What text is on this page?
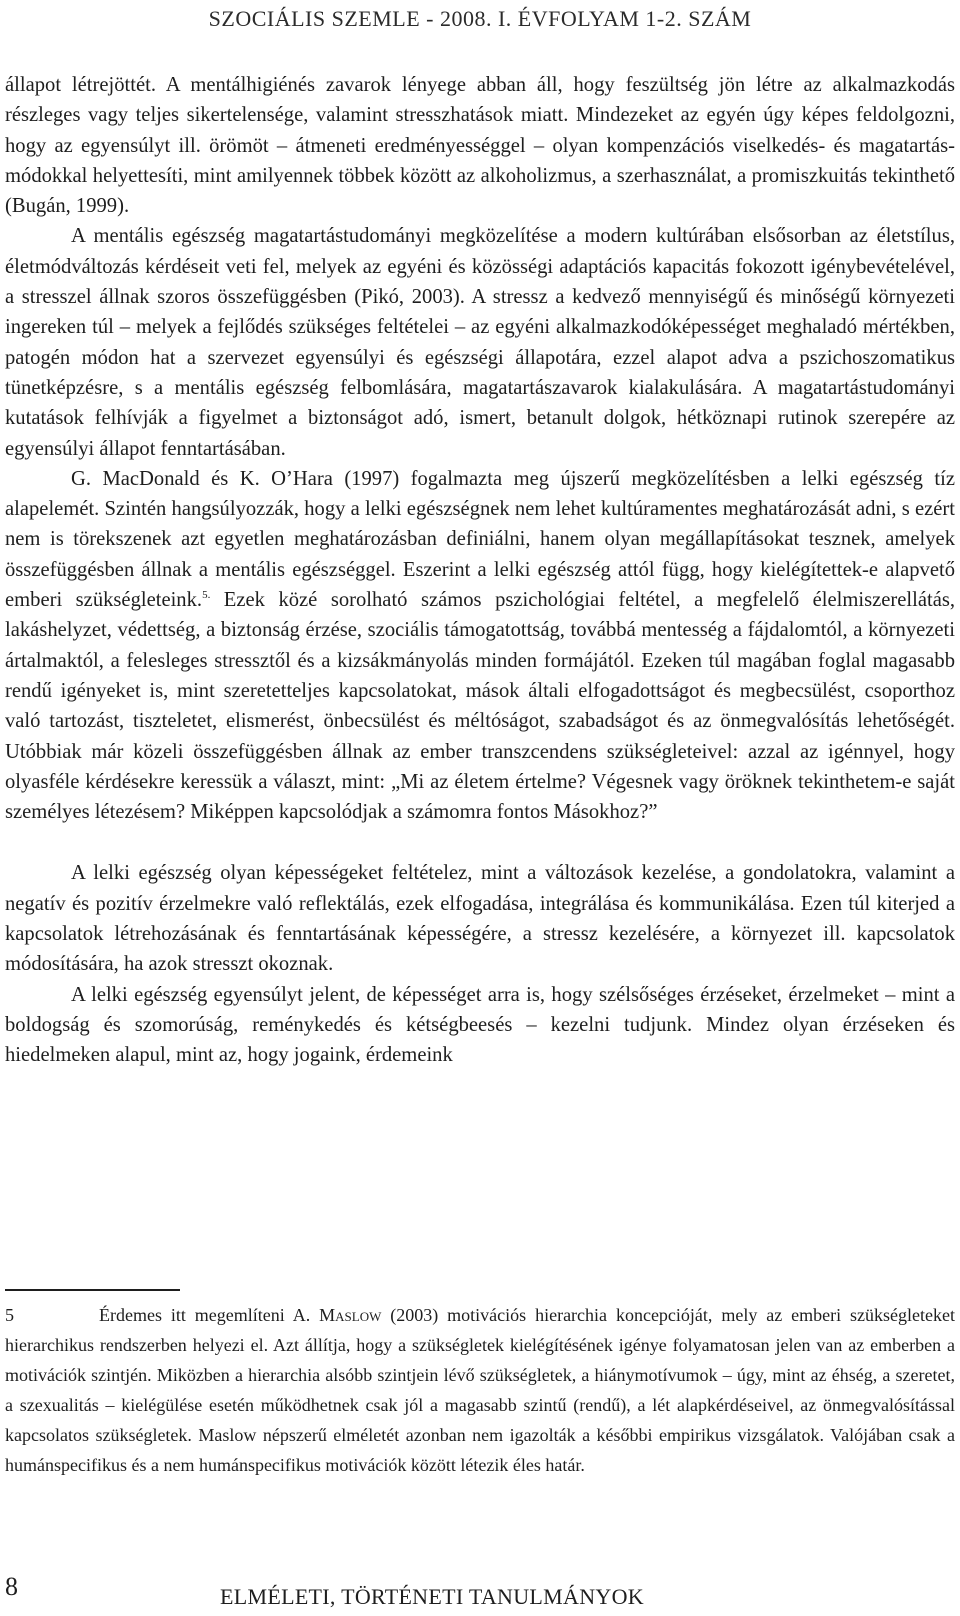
SZOCIÁLIS SZEMLE - 2008. I. ÉVFOLYAM 1-2. SZÁM

állapot létrejöttét. A mentálhigiénés zavarok lényege abban áll, hogy feszültség jön létre az alkalmazkodás részleges vagy teljes sikertelensége, valamint stresszhatások miatt. Mindezeket az egyén úgy képes feldolgozni, hogy az egyensúlyt ill. örömöt – átmeneti eredményességgel – olyan kompenzációs viselkedés- és magatartás-módokkal helyettesíti, mint amilyennek többek között az alkoholizmus, a szerhasználat, a promiszkuitás tekinthető (Bugán, 1999).

A mentális egészség magatartástudományi megközelítése a modern kultúrában elsősorban az életstílus, életmódváltozás kérdéseit veti fel, melyek az egyéni és közösségi adaptációs kapacitás fokozott igénybevételével, a stresszel állnak szoros összefüggésben (Pikó, 2003). A stressz a kedvező mennyiségű és minőségű környezeti ingereken túl – melyek a fejlődés szükséges feltételei – az egyéni alkalmazkodóképességet meghaladó mértékben, patogén módon hat a szervezet egyensúlyi és egészségi állapotára, ezzel alapot adva a pszichoszomatikus tünetképzésre, s a mentális egészség felbomlására, magatartászavarok kialakulására. A magatartástudományi kutatások felhívják a figyelmet a biztonságot adó, ismert, betanult dolgok, hétköznapi rutinok szerepére az egyensúlyi állapot fenntartásában.

G. MacDonald és K. O’Hara (1997) fogalmazta meg újszerű megközelítésben a lelki egészség tíz alapelemét. Szintén hangsúlyozzák, hogy a lelki egészségnek nem lehet kultúramentes meghatározását adni, s ezért nem is törekszenek azt egyetlen meghatározásban definiálni, hanem olyan megállapításokat tesznek, amelyek összefüggésben állnak a mentális egészséggel. Eszerint a lelki egészség attól függ, hogy kielégítettek-e alapvető emberi szükségleteink.$^{5.}$ Ezek közé sorolható számos pszichológiai feltétel, a megfelelő élelmiszerellátás, lakáshelyzet, védettség, a biztonság érzése, szociális támogatottság, továbbá mentesség a fájdalomtól, a környezeti ártalmaktól, a felesleges stressztől és a kizsákmányolás minden formájától. Ezeken túl magában foglal magasabb rendű igényeket is, mint szeretetteljes kapcsolatokat, mások általi elfogadottságot és megbecsülést, csoporthoz való tartozást, tiszteletet, elismerést, önbecsülést és méltóságot, szabadságot és az önmegvalósítás lehetőségét. Utóbbiak már közeli összefüggésben állnak az ember transzcendens szükségleteivel: azzal az igénnyel, hogy olyasféle kérdésekre keressük a választ, mint: „Mi az életem értelme? Végesnek vagy öröknek tekinthetem-e saját személyes létezésem? Miképpen kapcsolódjak a számomra fontos Másokhoz?”

A lelki egészség olyan képességeket feltételez, mint a változások kezelése, a gondolatokra, valamint a negatív és pozitív érzelmekre való reflektálás, ezek elfogadása, integrálása és kommunikálása. Ezen túl kiterjed a kapcsolatok létrehozásának és fenntartásának képességére, a stressz kezelésére, a környezet ill. kapcsolatok módosítására, ha azok stresszt okoznak.

A lelki egészség egyensúlyt jelent, de képességet arra is, hogy szélsőséges érzéseket, érzelmeket – mint a boldogság és szomorúság, reménykedés és kétségbeesés – kezelni tudjunk. Mindez olyan érzéseken és hiedelmeken alapul, mint az, hogy jogaink, érdemeink

5	Érdemes itt megemlíteni A. Maslow (2003) motivációs hierarchia koncepcióját, mely az emberi szükségleteket hierarchikus rendszerben helyezi el. Azt állítja, hogy a szükségletek kielégítésének igénye folyamatosan jelen van az emberben a motivációk szintjén. Miközben a hierarchia alsóbb szintjein lévő szükségletek, a hiánymotívumok – úgy, mint az éhség, a szeretet, a szexualitás – kielégülése esetén működhetnek csak jól a magasabb szintű (rendű), a lét alapkérdéseivel, az önmegvalósítással kapcsolatos szükségletek. Maslow népszerű elméletét azonban nem igazolták a későbbi empirikus vizsgálatok. Valójában csak a humánspecifikus és a nem humánspecifikus motivációk között létezik éles határ.
8	ELMÉLETI, TÖRTÉNETI TANULMÁNYOK
